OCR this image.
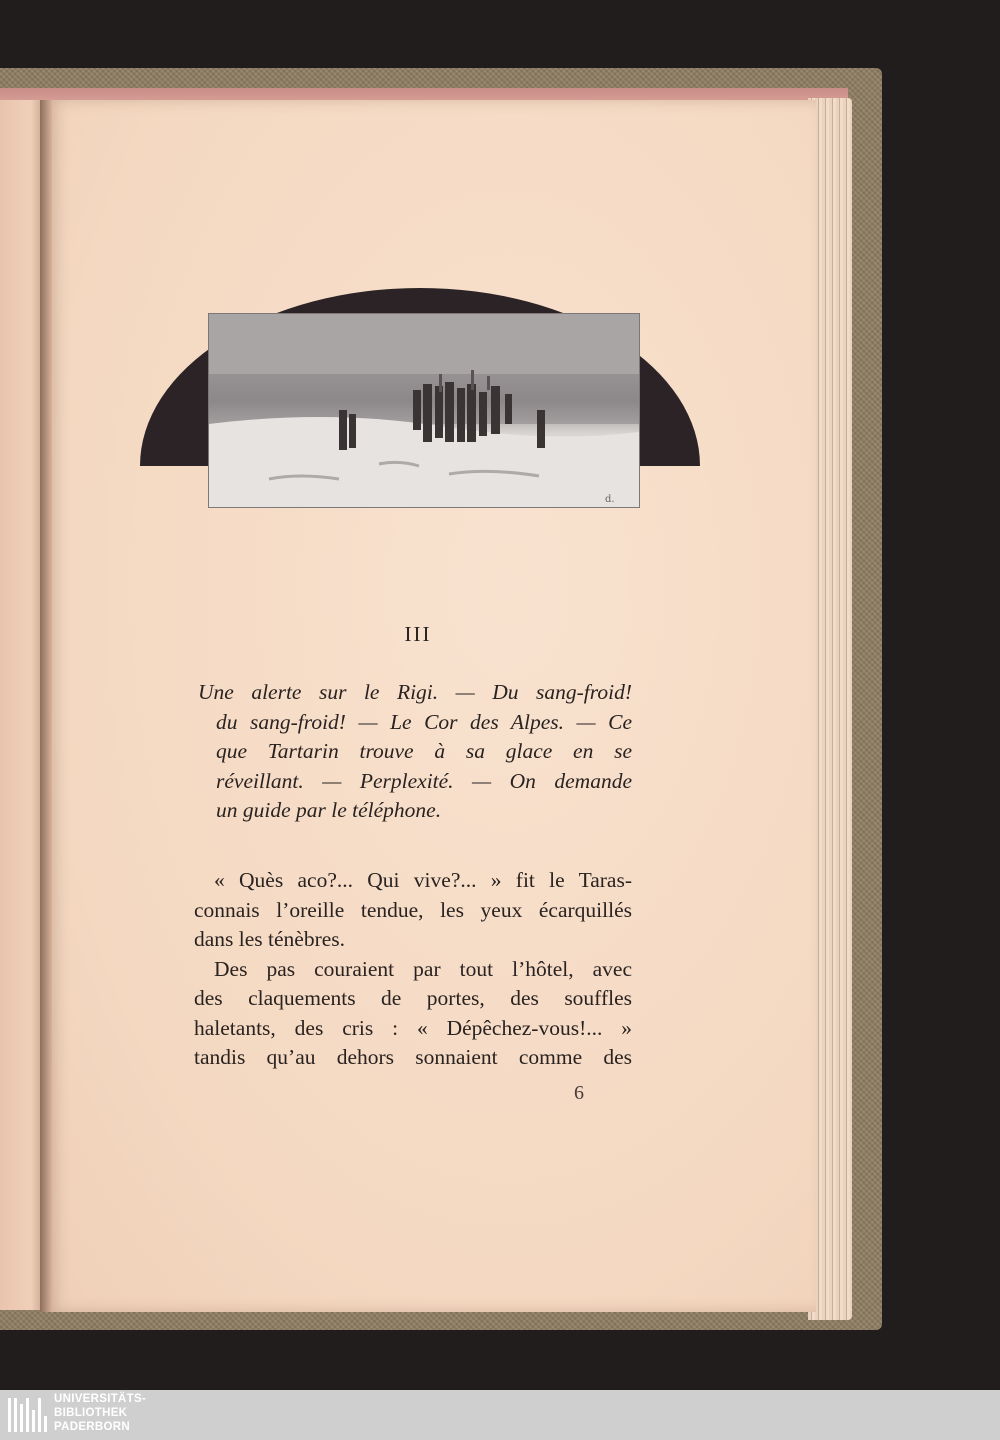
d.
III
Une alerte sur le Rigi. — Du sang-froid!
du sang-froid! — Le Cor des Alpes. — Ce
que Tartarin trouve à sa glace en se
réveillant. — Perplexité. — On demande
un guide par le téléphone.
« Quès aco?... Qui vive?... » fit le Taras-
connais l’oreille tendue, les yeux écarquillés
dans les ténèbres.
Des pas couraient par tout l’hôtel, avec
des claquements de portes, des souffles
haletants, des cris : « Dépêchez-vous!... »
tandis qu’au dehors sonnaient comme des
6
UNIVERSITÄTS-
BIBLIOTHEK
PADERBORN
